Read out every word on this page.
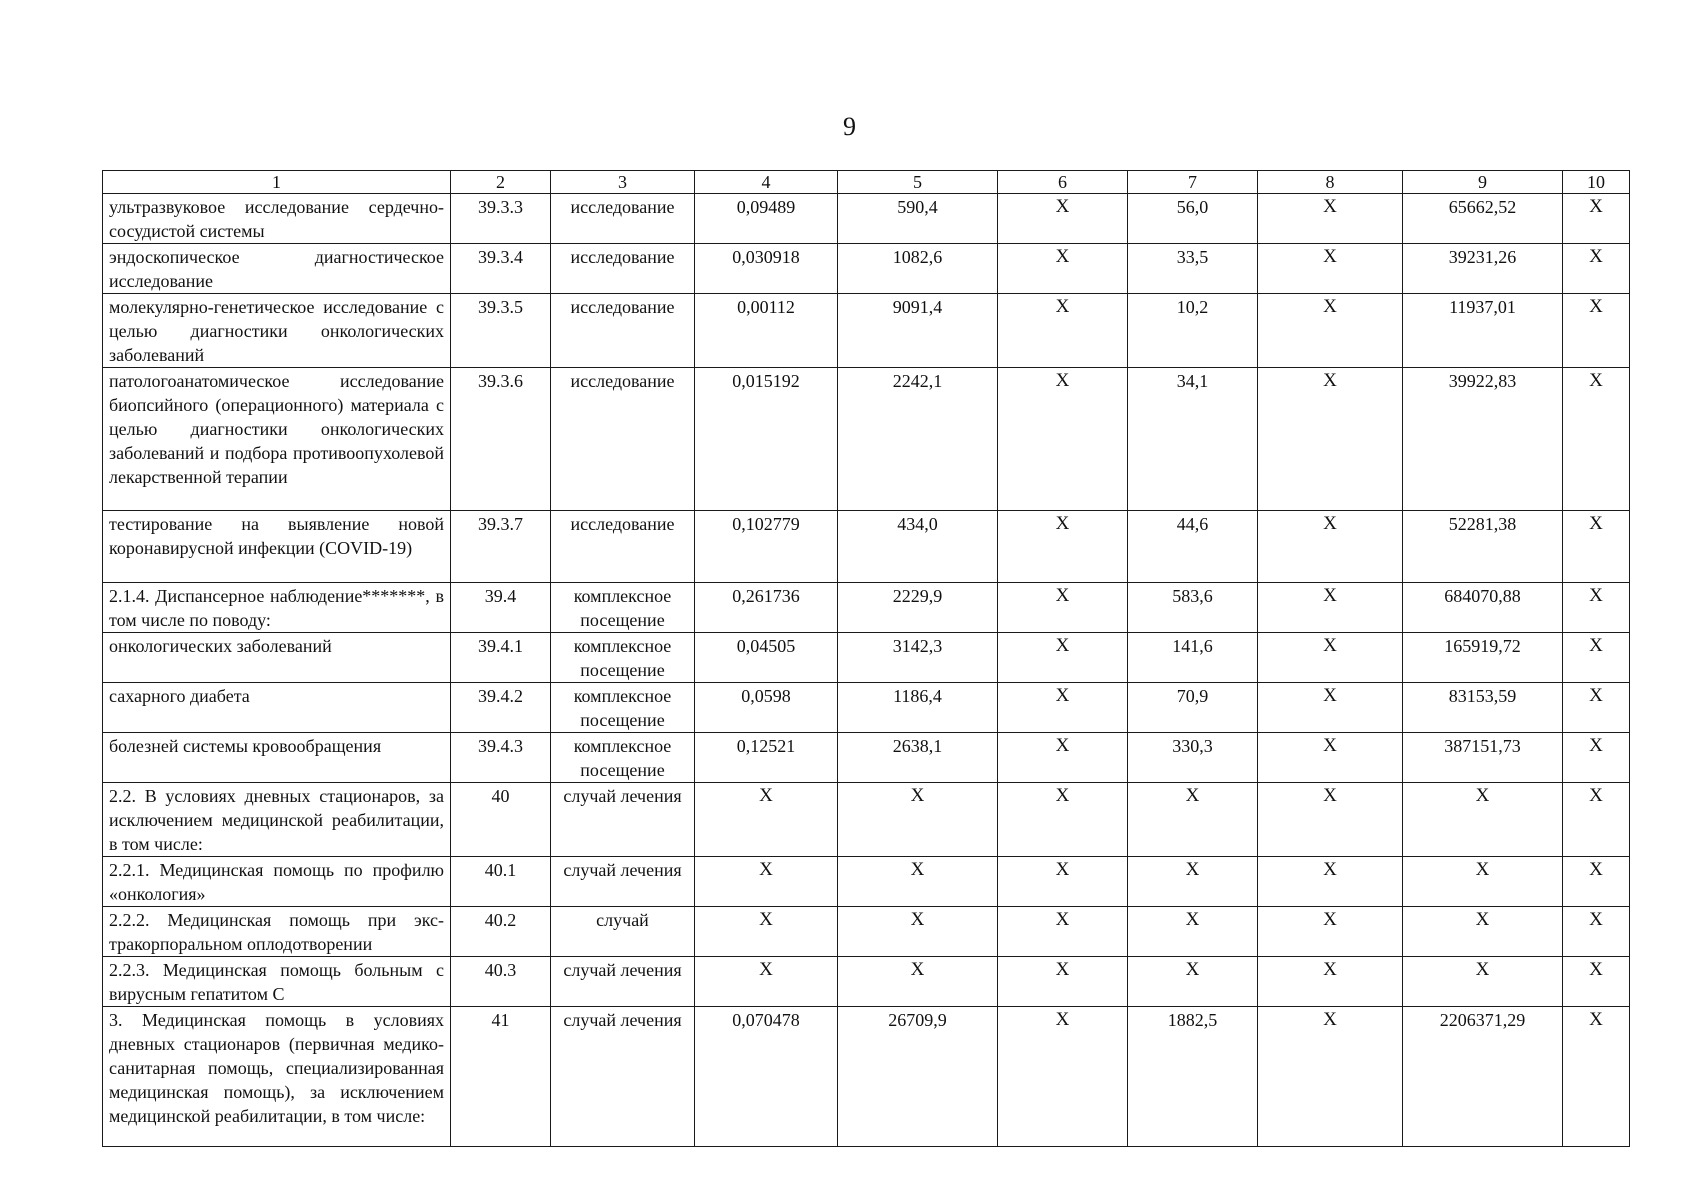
9
1	2	3	4	5	6	7	8	9	10
ультразвуковое исследование сердечно-сосудистой системы	39.3.3	исследование	0,09489	590,4	Х	56,0	Х	65662,52	Х
эндоскопическое диагностическое исследование	39.3.4	исследование	0,030918	1082,6	Х	33,5	Х	39231,26	Х
молекулярно-генетическое исследование с целью диагностики онкологических заболеваний	39.3.5	исследование	0,00112	9091,4	Х	10,2	Х	11937,01	Х
патологоанатомическое исследование биопсийного (операционного) материала с целью диагностики онкологических заболеваний и подбора противоопухолевой лекарственной терапии	39.3.6	исследование	0,015192	2242,1	Х	34,1	Х	39922,83	Х
тестирование на выявление новой коронавирусной инфекции (COVID-19)	39.3.7	исследование	0,102779	434,0	Х	44,6	Х	52281,38	Х
2.1.4. Диспансерное наблюдение*******, в том числе по поводу:	39.4	комплексное посещение	0,261736	2229,9	Х	583,6	Х	684070,88	Х
онкологических заболеваний	39.4.1	комплексное посещение	0,04505	3142,3	Х	141,6	Х	165919,72	Х
сахарного диабета	39.4.2	комплексное посещение	0,0598	1186,4	Х	70,9	Х	83153,59	Х
болезней системы кровообращения	39.4.3	комплексное посещение	0,12521	2638,1	Х	330,3	Х	387151,73	Х
2.2. В условиях дневных стационаров, за исключением медицинской реабилитации, в том числе:	40	случай лечения	Х	Х	Х	Х	Х	Х	Х
2.2.1. Медицинская помощь по профилю «онкология»	40.1	случай лечения	Х	Х	Х	Х	Х	Х	Х
2.2.2. Медицинская помощь при экстракорпоральном оплодотворении	40.2	случай	Х	Х	Х	Х	Х	Х	Х
2.2.3. Медицинская помощь больным с вирусным гепатитом С	40.3	случай лечения	Х	Х	Х	Х	Х	Х	Х
3. Медицинская помощь в условиях дневных стационаров (первичная медико-санитарная помощь, специализированная медицинская помощь), за исключением медицинской реабилитации, в том числе:	41	случай лечения	0,070478	26709,9	Х	1882,5	Х	2206371,29	Х
